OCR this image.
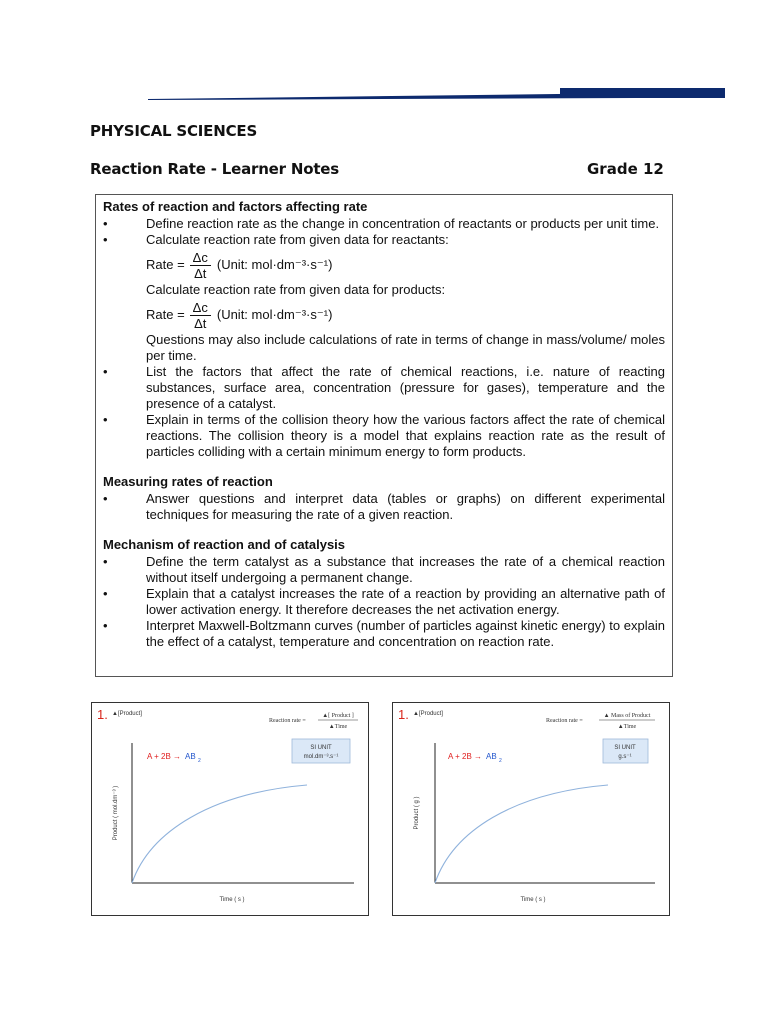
PHYSICAL SCIENCES
Reaction Rate - Learner Notes	Grade 12
Rates of reaction and factors affecting rate
•	Define reaction rate as the change in concentration of reactants or products per unit time.
•	Calculate reaction rate from given data for reactants:
Rate = $\frac{\Delta c}{\Delta t}$ (Unit: mol·dm⁻³·s⁻¹)
Calculate reaction rate from given data for products:
Rate = $\frac{\Delta c}{\Delta t}$ (Unit: mol·dm⁻³·s⁻¹)
Questions may also include calculations of rate in terms of change in mass/volume/ moles per time.
•	List the factors that affect the rate of chemical reactions, i.e. nature of reacting substances, surface area, concentration (pressure for gases), temperature and the presence of a catalyst.
•	Explain in terms of the collision theory how the various factors affect the rate of chemical reactions. The collision theory is a model that explains reaction rate as the result of particles colliding with a certain minimum energy to form products.
Measuring rates of reaction
•	Answer questions and interpret data (tables or graphs) on different experimental techniques for measuring the rate of a given reaction.
Mechanism of reaction and of catalysis
•	Define the term catalyst as a substance that increases the rate of a chemical reaction without itself undergoing a permanent change.
•	Explain that a catalyst increases the rate of a reaction by providing an alternative path of lower activation energy. It therefore decreases the net activation energy.
•	Interpret Maxwell-Boltzmann curves (number of particles against kinetic energy) to explain the effect of a catalyst, temperature and concentration on reaction rate.
1. ▲[Product]
Reaction rate =
▲[ Product ]
▲Time
SI UNIT
mol.dm⁻³.s⁻¹
A + 2B → AB 2
Product ( mol.dm⁻³ )
Time ( s )
1. ▲[Product]
Reaction rate =
▲ Mass of Product
▲Time
SI UNIT
g.s⁻¹
A + 2B → AB 2
Product ( g )
Time ( s )
